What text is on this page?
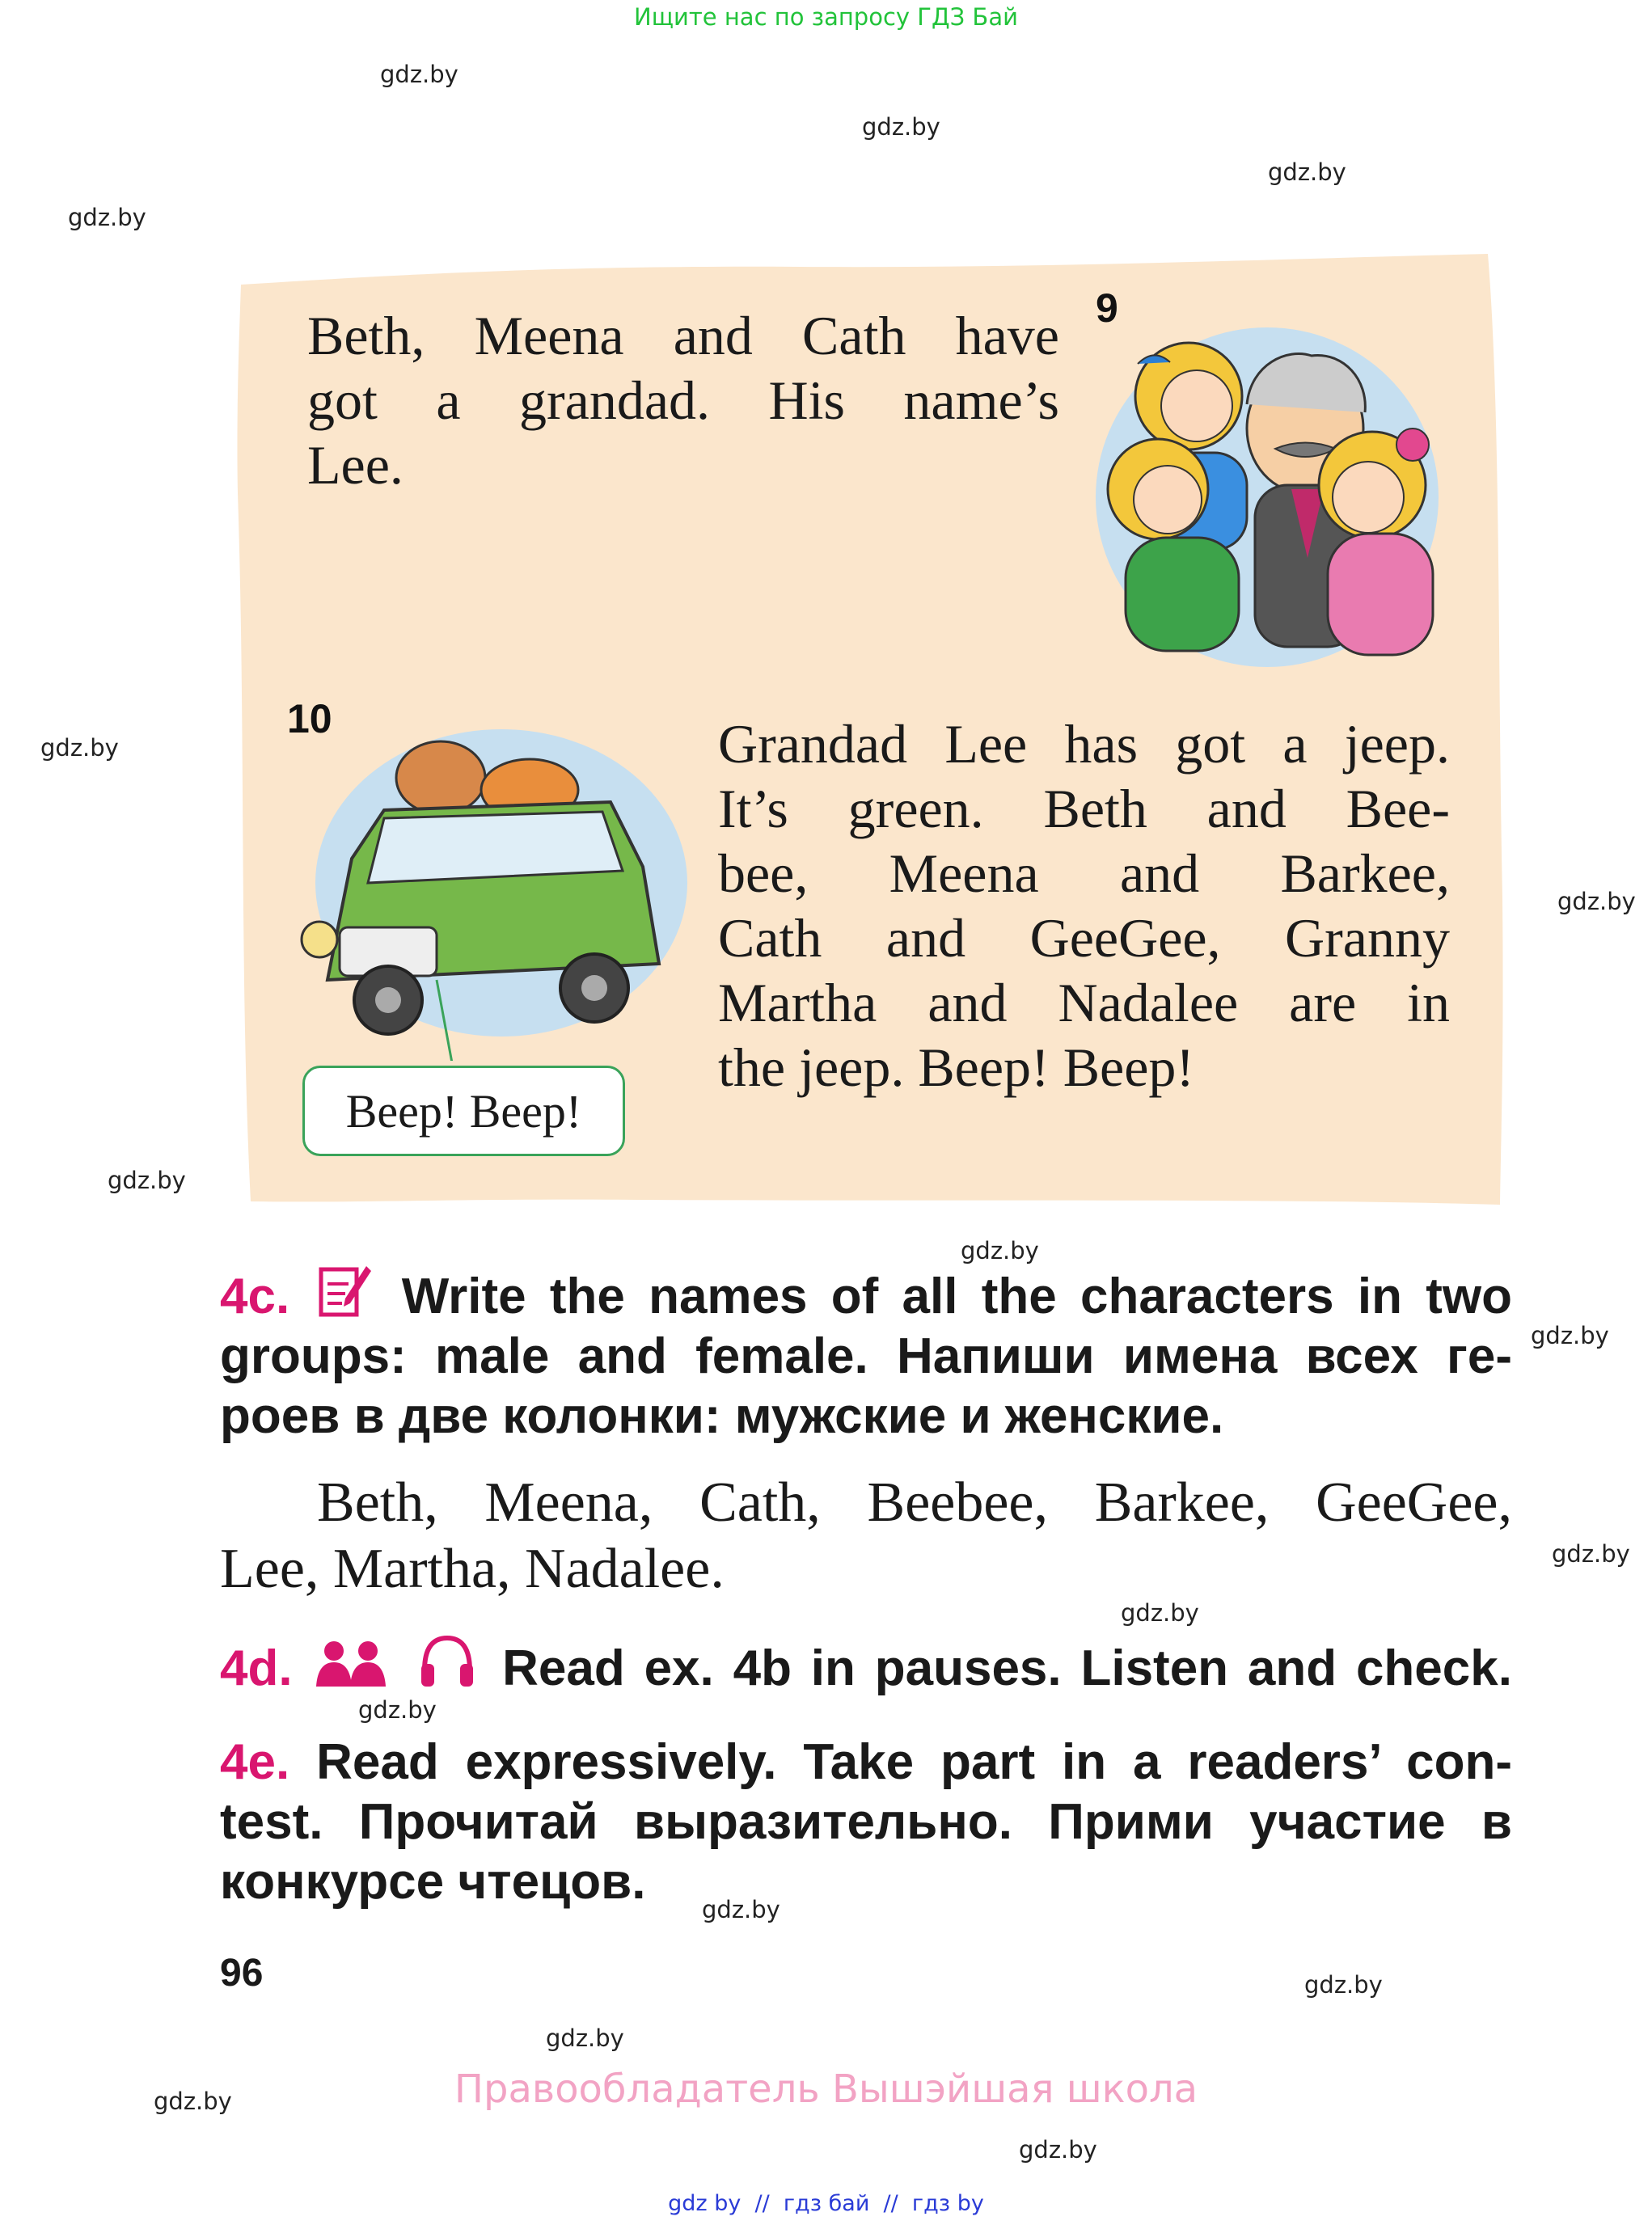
Ищите нас по запросу ГДЗ Бай
gdz.by
gdz.by
gdz.by
gdz.by
gdz.by
gdz.by
gdz.by
gdz.by
gdz.by
gdz.by
gdz.by
gdz.by
gdz.by
gdz.by
gdz.by
gdz.by
gdz.by
Beth, Meena and Cath have
got a grandad. His name’s
Lee.
9
10
Beep! Beep!
Grandad Lee has got a jeep.
It’s green. Beth and Bee-
bee, Meena and Barkee,
Cath and GeeGee, Granny
Martha and Nadalee are in
the jeep. Beep! Beep!
4c. Write the names of all the characters in two
groups: male and female. Напиши имена всех ге-
роев в две колонки: мужские и женские.
Beth, Meena, Cath, Beebee, Barkee, GeeGee,
Lee, Martha, Nadalee.
4d.	Read ex. 4b in pauses. Listen and check.
4e. Read expressively. Take part in a readers’ con-
test. Прочитай выразительно. Прими участие в
конкурсе чтецов.
96
Правообладатель Вышэйшая школа
gdz by  //  гдз бай  //  гдз by
